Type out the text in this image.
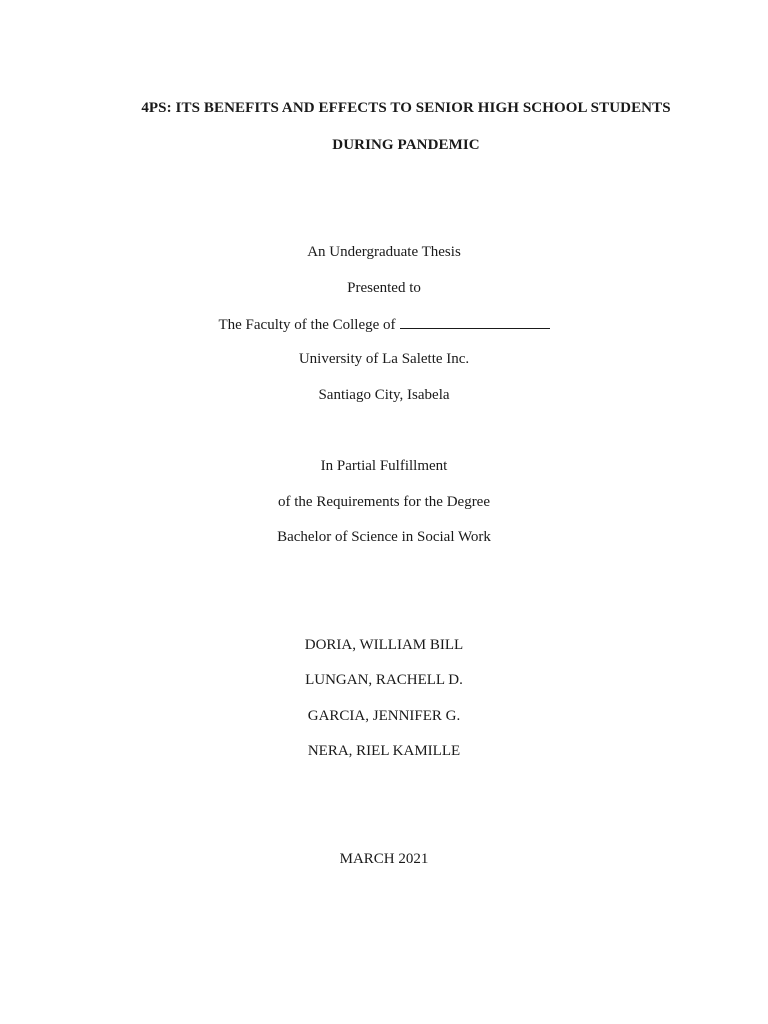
4PS: ITS BENEFITS AND EFFECTS TO SENIOR HIGH SCHOOL STUDENTS
DURING PANDEMIC
An Undergraduate Thesis
Presented to
The Faculty of the College of
University of La Salette Inc.
Santiago City, Isabela
In Partial Fulfillment
of the Requirements for the Degree
Bachelor of Science in Social Work
DORIA, WILLIAM BILL
LUNGAN, RACHELL D.
GARCIA, JENNIFER G.
NERA, RIEL KAMILLE
MARCH 2021
